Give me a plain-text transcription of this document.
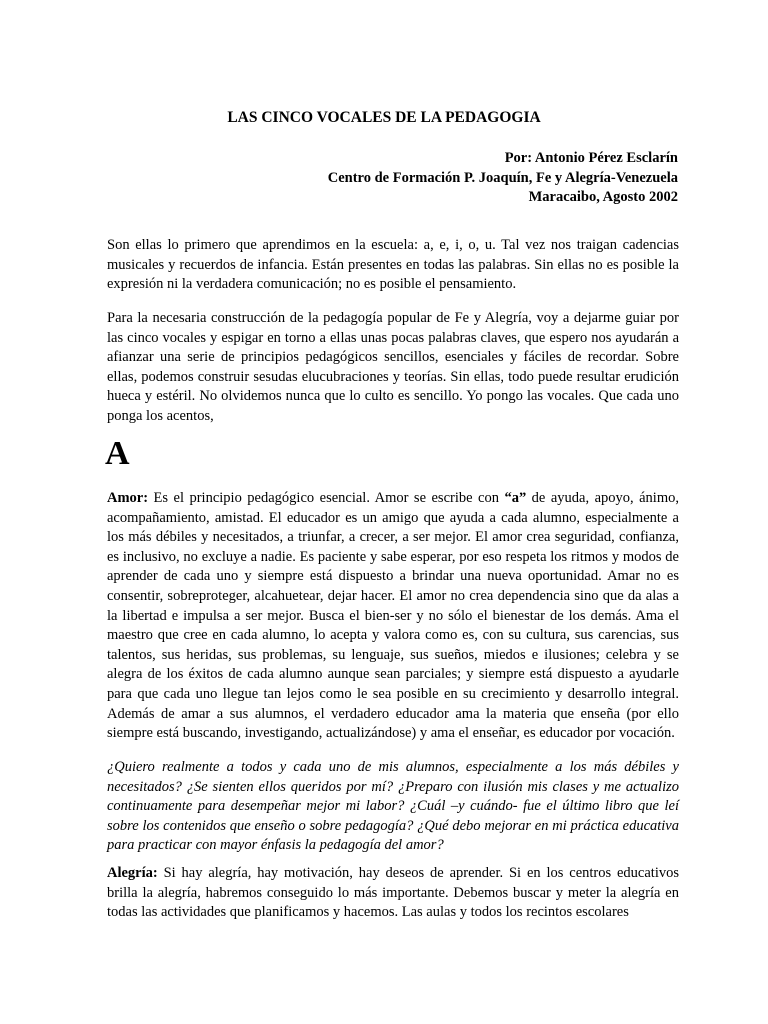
LAS CINCO VOCALES DE LA PEDAGOGIA
Por: Antonio Pérez Esclarín
Centro de Formación P. Joaquín, Fe y Alegría-Venezuela
Maracaibo, Agosto 2002

Son ellas lo primero que aprendimos en la escuela: a, e, i, o, u. Tal vez nos traigan cadencias musicales y recuerdos de infancia. Están presentes en todas las palabras. Sin ellas no es posible la expresión ni la verdadera comunicación; no es posible el pensamiento.

Para la necesaria construcción de la pedagogía popular de Fe y Alegría, voy a dejarme guiar por las cinco vocales y espigar en torno a ellas unas pocas palabras claves, que espero nos ayudarán a afianzar una serie de principios pedagógicos sencillos, esenciales y fáciles de recordar. Sobre ellas, podemos construir sesudas elucubraciones y teorías. Sin ellas, todo puede resultar erudición hueca y estéril. No olvidemos nunca que lo culto es sencillo. Yo pongo las vocales. Que cada uno ponga los acentos,

A

Amor: Es el principio pedagógico esencial. Amor se escribe con “a” de ayuda, apoyo, ánimo, acompañamiento, amistad. El educador es un amigo que ayuda a cada alumno, especialmente a los más débiles y necesitados, a triunfar, a crecer, a ser mejor. El amor crea seguridad, confianza, es inclusivo, no excluye a nadie. Es paciente y sabe esperar, por eso respeta los ritmos y modos de aprender de cada uno y siempre está dispuesto a brindar una nueva oportunidad. Amar no es consentir, sobreproteger, alcahuetear, dejar hacer. El amor no crea dependencia sino que da alas a la libertad e impulsa a ser mejor. Busca el bien-ser y no sólo el bienestar de los demás. Ama el maestro que cree en cada alumno, lo acepta y valora como es, con su cultura, sus carencias, sus talentos, sus heridas, sus problemas, su lenguaje, sus sueños, miedos e ilusiones; celebra y se alegra de los éxitos de cada alumno aunque sean parciales; y siempre está dispuesto a ayudarle para que cada uno llegue tan lejos como le sea posible en su crecimiento y desarrollo integral. Además de amar a sus alumnos, el verdadero educador ama la materia que enseña (por ello siempre está buscando, investigando, actualizándose) y ama el enseñar, es educador por vocación.

¿Quiero realmente a todos y cada uno de mis alumnos, especialmente a los más débiles y necesitados? ¿Se sienten ellos queridos por mí? ¿Preparo con ilusión mis clases y me actualizo continuamente para desempeñar mejor mi labor? ¿Cuál –y cuándo- fue el último libro que leí sobre los contenidos que enseño o sobre pedagogía? ¿Qué debo mejorar en mi práctica educativa para practicar con mayor énfasis la pedagogía del amor?

Alegría: Si hay alegría, hay motivación, hay deseos de aprender. Si en los centros educativos brilla la alegría, habremos conseguido lo más importante. Debemos buscar y meter la alegría en todas las actividades que planificamos y hacemos. Las aulas y todos los recintos escolares
